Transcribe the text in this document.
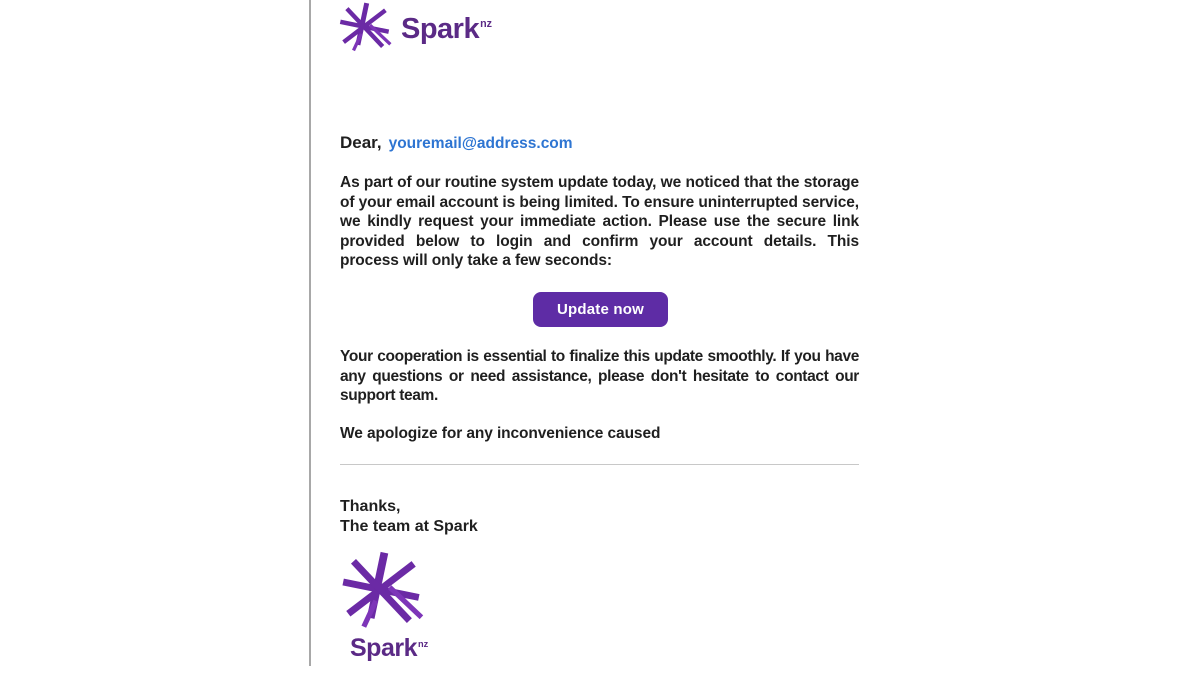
Spark$^{nz}$
Dear, youremail@address.com

As part of our routine system update today, we noticed that the storage of your email account is being limited. To ensure uninterrupted service, we kindly request your immediate action. Please use the secure link provided below to login and confirm your account details. This process will only take a few seconds:

Update now

Your cooperation is essential to finalize this update smoothly. If you have any questions or need assistance, please don't hesitate to contact our support team.

We apologize for any inconvenience caused

Thanks,
The team at Spark
Spark$^{nz}$
